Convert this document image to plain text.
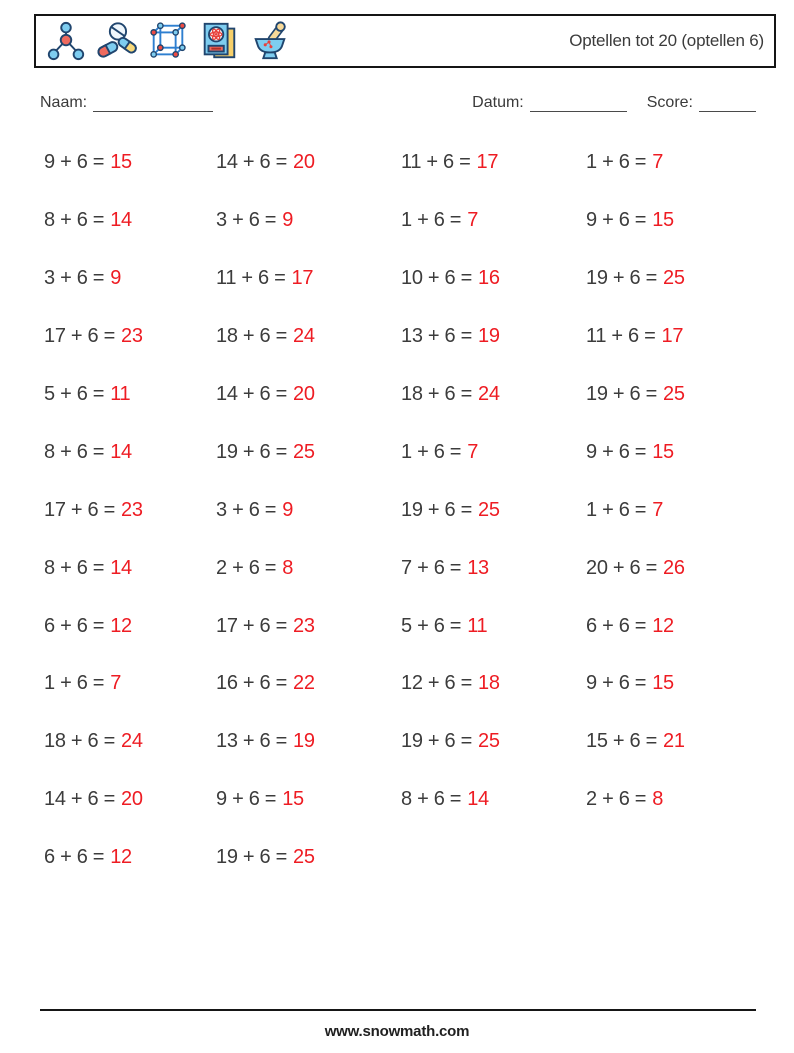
Optellen tot 20 (optellen 6)
Naam:	Datum:	Score:
9 + 6 = 15	14 + 6 = 20	11 + 6 = 17	1 + 6 = 7
8 + 6 = 14	3 + 6 = 9	1 + 6 = 7	9 + 6 = 15
3 + 6 = 9	11 + 6 = 17	10 + 6 = 16	19 + 6 = 25
17 + 6 = 23	18 + 6 = 24	13 + 6 = 19	11 + 6 = 17
5 + 6 = 11	14 + 6 = 20	18 + 6 = 24	19 + 6 = 25
8 + 6 = 14	19 + 6 = 25	1 + 6 = 7	9 + 6 = 15
17 + 6 = 23	3 + 6 = 9	19 + 6 = 25	1 + 6 = 7
8 + 6 = 14	2 + 6 = 8	7 + 6 = 13	20 + 6 = 26
6 + 6 = 12	17 + 6 = 23	5 + 6 = 11	6 + 6 = 12
1 + 6 = 7	16 + 6 = 22	12 + 6 = 18	9 + 6 = 15
18 + 6 = 24	13 + 6 = 19	19 + 6 = 25	15 + 6 = 21
14 + 6 = 20	9 + 6 = 15	8 + 6 = 14	2 + 6 = 8
6 + 6 = 12	19 + 6 = 25
www.snowmath.com
